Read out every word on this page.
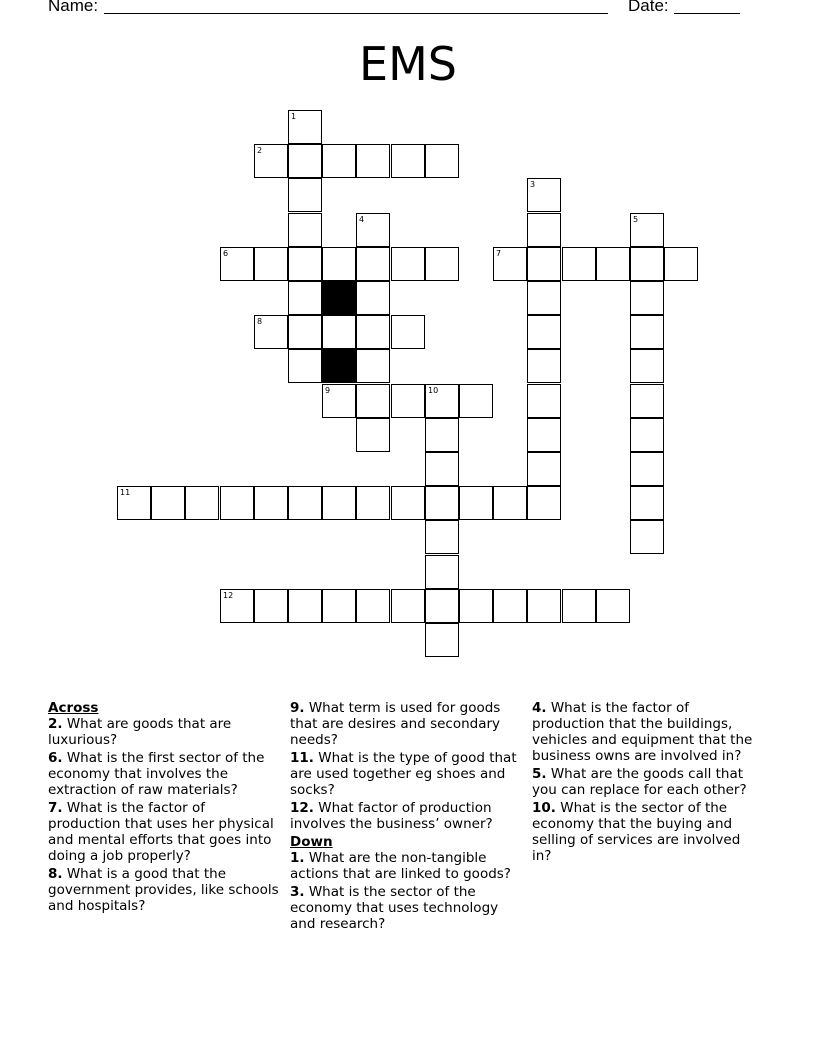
Name:	Date:
EMS
1
2
3
4	5
6	7
8
9	10
11
12

Across

2. What are goods that are luxurious?

6. What is the first sector of the economy that involves the extraction of raw materials?

7. What is the factor of production that uses her physical and mental efforts that goes into doing a job properly?

8. What is a good that the government provides, like schools and hospitals?

9. What term is used for goods that are desires and secondary needs?

11. What is the type of good that are used together eg shoes and socks?

12. What factor of production involves the business’ owner?

Down

1. What are the non-tangible actions that are linked to goods?

3. What is the sector of the economy that uses technology and research?

4. What is the factor of production that the buildings, vehicles and equipment that the business owns are involved in?

5. What are the goods call that you can replace for each other?

10. What is the sector of the economy that the buying and selling of services are involved in?
